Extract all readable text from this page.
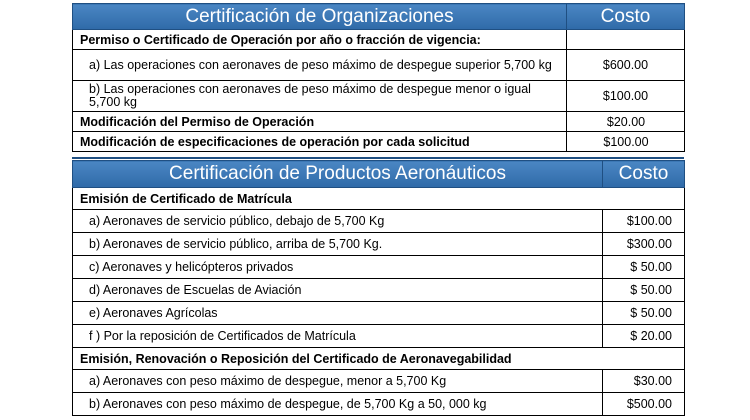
Certificación de Organizaciones	Costo
Permiso o Certificado de Operación por año o fracción de vigencia:	
a) Las operaciones con aeronaves de peso máximo de despegue superior 5,700 kg	$600.00
b) Las operaciones con aeronaves de peso máximo de despegue menor o igual 5,700 kg	$100.00
Modificación del Permiso de Operación	$20.00
Modificación de especificaciones de operación por cada solicitud	$100.00
Certificación de Productos Aeronáuticos	Costo
Emisión de Certificado de Matrícula	
a) Aeronaves de servicio público, debajo de 5,700 Kg	$100.00
b) Aeronaves de servicio público, arriba de 5,700 Kg.	$300.00
c) Aeronaves y helicópteros privados	$ 50.00
d) Aeronaves de Escuelas de Aviación	$ 50.00
e) Aeronaves Agrícolas	$ 50.00
f ) Por la reposición de Certificados de Matrícula	$ 20.00
Emisión, Renovación o Reposición del Certificado de Aeronavegabilidad	
a) Aeronaves con peso máximo de despegue, menor a 5,700 Kg	$30.00
b) Aeronaves con peso máximo de despegue, de 5,700 Kg a 50, 000 kg	$500.00
